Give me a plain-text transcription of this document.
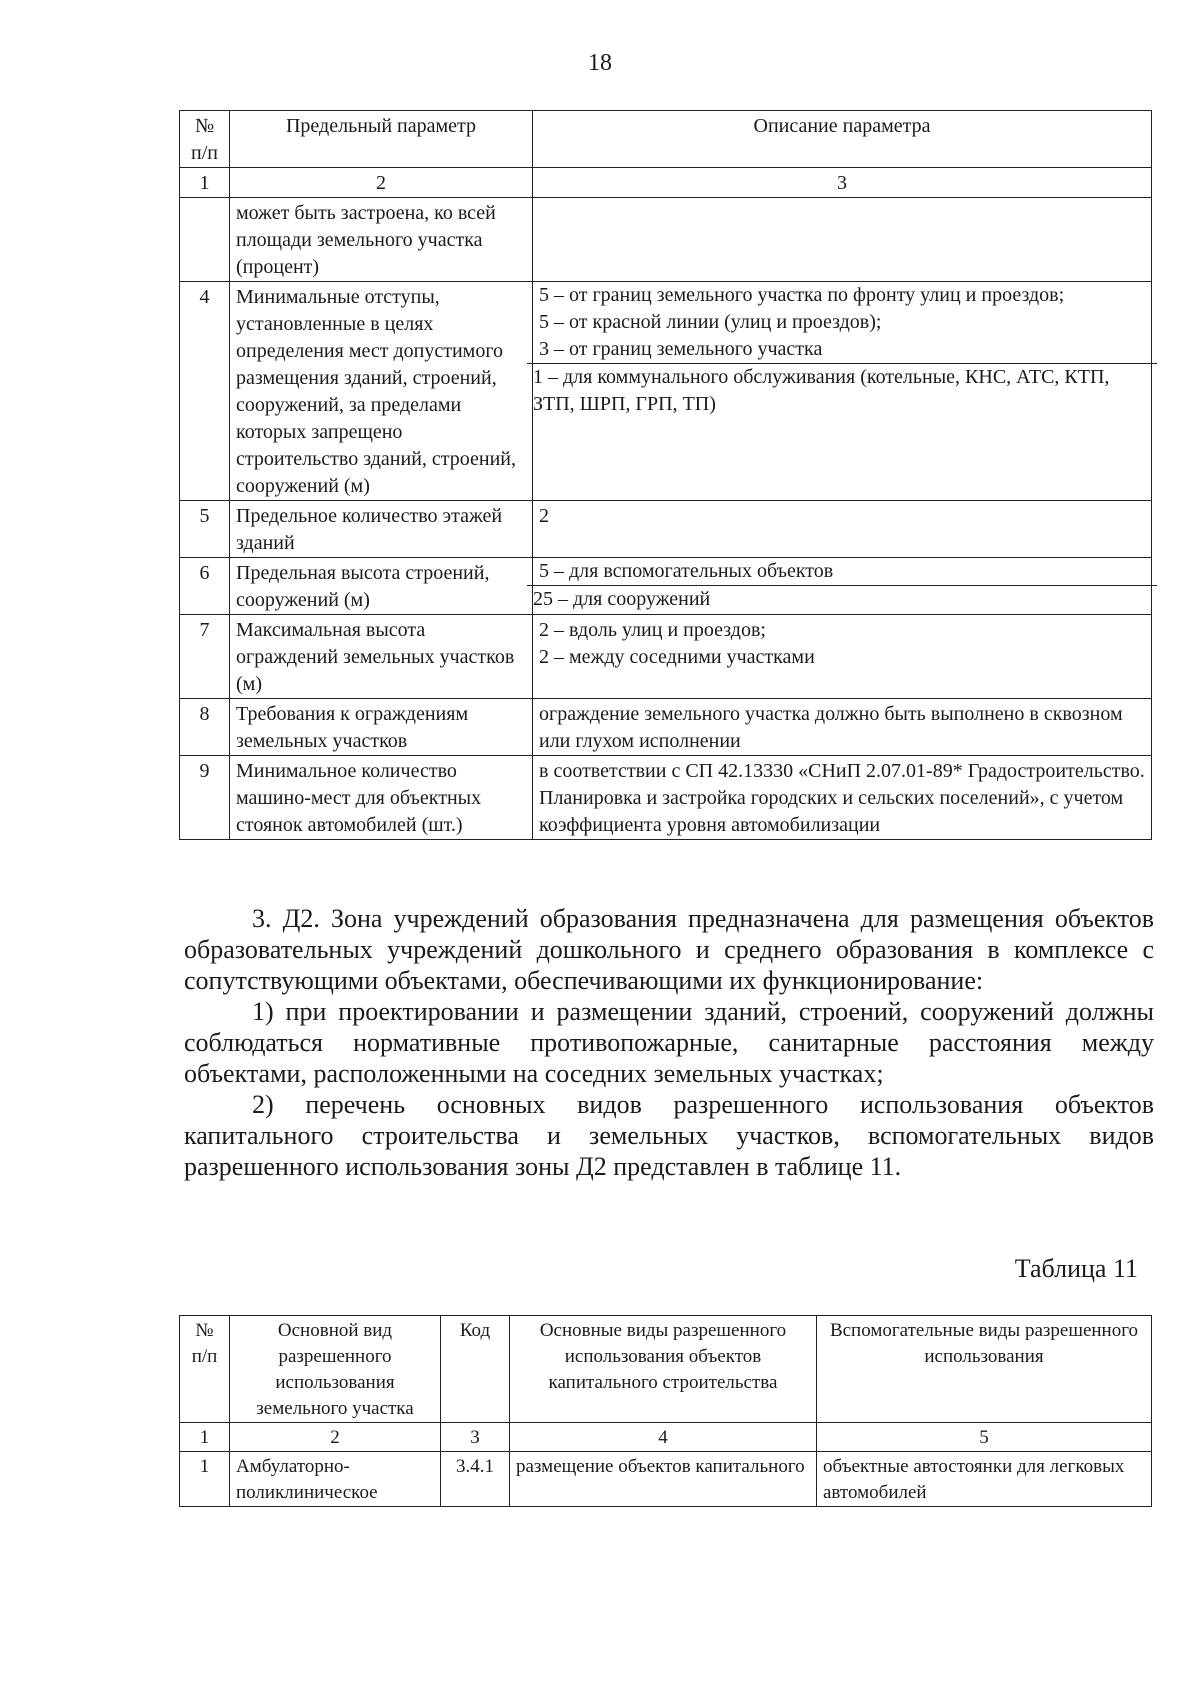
18
№ п/п	Предельный параметр	Описание параметра
1	2	3
	может быть застроена, ко всей площади земельного участка (процент)	
4	Минимальные отступы, установленные в целях определения мест допустимого размещения зданий, строений, сооружений, за пределами которых запрещено строительство зданий, строений, сооружений (м)	5 – от границ земельного участка по фронту улиц и проездов;
5 – от красной линии (улиц и проездов);
3 – от границ земельного участка
1 – для коммунального обслуживания (котельные, КНС, АТС, КТП, ЗТП, ШРП, ГРП, ТП)

5	Предельное количество этажей зданий	2
6	Предельная высота строений, сооружений (м)	5 – для вспомогательных объектов
25 – для сооружений

7	Максимальная высота ограждений земельных участков (м)	2 – вдоль улиц и проездов;
2 – между соседними участками
8	Требования к ограждениям земельных участков	ограждение земельного участка должно быть выполнено в сквозном или глухом исполнении
9	Минимальное количество машино-мест для объектных стоянок автомобилей (шт.)	в соответствии с СП 42.13330 «СНиП 2.07.01-89* Градостроительство. Планировка и застройка городских и сельских поселений», с учетом коэффициента уровня автомобилизации

3. Д2. Зона учреждений образования предназначена для размещения объектов образовательных учреждений дошкольного и среднего образования в комплексе с сопутствующими объектами, обеспечивающими их функционирование:

1) при проектировании и размещении зданий, строений, сооружений должны соблюдаться нормативные противопожарные, санитарные расстояния между объектами, расположенными на соседних земельных участках;

2) перечень основных видов разрешенного использования объектов капитального строительства и земельных участков, вспомогательных видов разрешенного использования зоны Д2 представлен в таблице 11.

Таблица 11
№ п/п	Основной вид разрешенного использования земельного участка	Код	Основные виды разрешенного использования объектов капитального строительства	Вспомогательные виды разрешенного использования
1	2	3	4	5
1	Амбулаторно-поликлиническое	3.4.1	размещение объектов капитального	объектные автостоянки для легковых автомобилей
